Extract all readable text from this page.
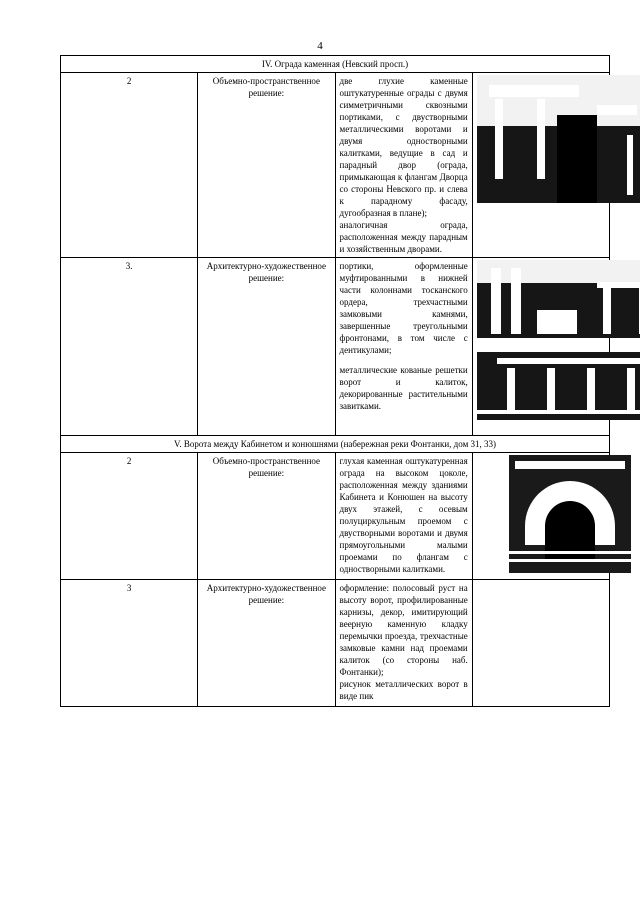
4
IV. Ограда каменная (Невский просп.)			
2	Объемно-пространственное решение:	две глухие каменные оштукатуренные ограды с двумя симметричными сквозными портиками, с двустворными металлическими воротами и двумя одностворными калитками, ведущие в сад и парадный двор (ограда, примыкающая к флангам Дворца со стороны Невского пр. и слева к парадному фасаду, дугообразная в плане);
аналогичная ограда, расположенная между парадным и хозяйственным дворами.	

3.	Архитектурно-художественное решение:	портики, оформленные муфтированными в нижней части колоннами тосканского ордера, трехчастными замковыми камнями, завершенные треугольными фронтонами, в том числе с дентикулами;
металлические кованые решетки ворот и калиток, декорированные растительными завитками.	

V. Ворота между Кабинетом и конюшнями (набережная реки Фонтанки, дом 31, 33)			
2	Объемно-пространственное решение:	глухая каменная оштукатуренная ограда на высоком цоколе, расположенная между зданиями Кабинета и Конюшен на высоту двух этажей, с осевым полуциркульным проемом с двустворными воротами и двумя прямоугольными малыми проемами по флангам с одностворными калитками.	

3	Архитектурно-художественное решение:	оформление: полосовый руст на высоту ворот, профилированные карнизы, декор, имитирующий веерную каменную кладку перемычки проезда, трехчастные замковые камни над проемами калиток (со стороны наб. Фонтанки);
рисунок металлических ворот в виде пик	
